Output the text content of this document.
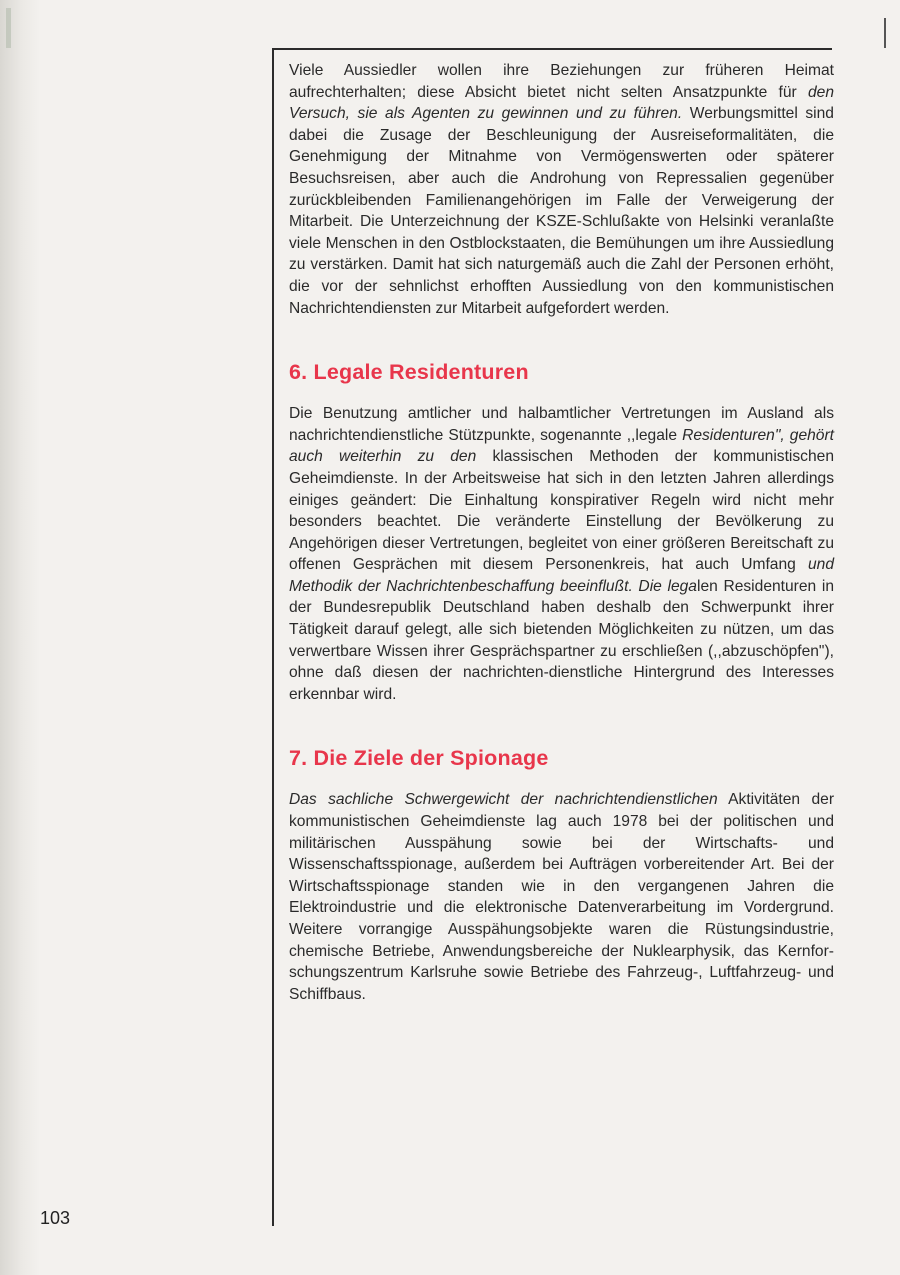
Viele Aussiedler wollen ihre Beziehungen zur früheren Heimat aufrechterhalten; diese Absicht bietet nicht selten Ansatzpunkte für den Versuch, sie als Agenten zu gewinnen und zu führen. Werbungsmittel sind dabei die Zusage der Beschleunigung der Ausreiseformalitäten, die Genehmigung der Mitnahme von Vermögenswerten oder späterer Besuchsreisen, aber auch die Androhung von Repressalien gegenüber zurückbleibenden Familienangehörigen im Falle der Verweigerung der Mitarbeit. Die Unterzeichnung der KSZE-Schlußakte von Helsinki veranlaßte viele Menschen in den Ostblockstaaten, die Bemühungen um ihre Aussiedlung zu verstärken. Damit hat sich naturgemäß auch die Zahl der Personen erhöht, die vor der sehnlichst erhofften Aussiedlung von den kommunistischen Nachrichtendiensten zur Mitarbeit aufgefordert werden.

6. Legale Residenturen

Die Benutzung amtlicher und halbamtlicher Vertretungen im Ausland als nachrichtendienstliche Stützpunkte, sogenannte ,,legale Residenturen", gehört auch weiterhin zu den klassischen Methoden der kommunistischen Geheimdienste. In der Arbeitsweise hat sich in den letzten Jahren allerdings einiges geändert: Die Einhaltung konspirativer Regeln wird nicht mehr besonders beachtet. Die veränderte Einstellung der Bevölkerung zu Angehörigen dieser Vertretungen, begleitet von einer größeren Bereitschaft zu offenen Gesprächen mit diesem Personenkreis, hat auch Umfang und Methodik der Nachrichtenbeschaffung beeinflußt. Die legalen Residenturen in der Bundesrepublik Deutschland haben deshalb den Schwerpunkt ihrer Tätigkeit darauf gelegt, alle sich bietenden Möglichkeiten zu nützen, um das verwertbare Wissen ihrer Gesprächspartner zu erschließen (,,abzuschöpfen"), ohne daß diesen der nachrichten-dienstliche Hintergrund des Interesses erkennbar wird.

7. Die Ziele der Spionage

Das sachliche Schwergewicht der nachrichtendienstlichen Aktivitäten der kommunistischen Geheimdienste lag auch 1978 bei der politischen und militärischen Ausspähung sowie bei der Wirtschafts- und Wissenschaftsspionage, außerdem bei Aufträgen vorbereitender Art. Bei der Wirtschaftsspionage standen wie in den vergangenen Jahren die Elektroindustrie und die elektronische Datenverarbeitung im Vordergrund. Weitere vorrangige Ausspähungsobjekte waren die Rüstungsindustrie, chemische Betriebe, Anwendungsbereiche der Nuklearphysik, das Kernforschungszentrum Karlsruhe sowie Betriebe des Fahrzeug-, Luftfahrzeug- und Schiffbaus.

103
